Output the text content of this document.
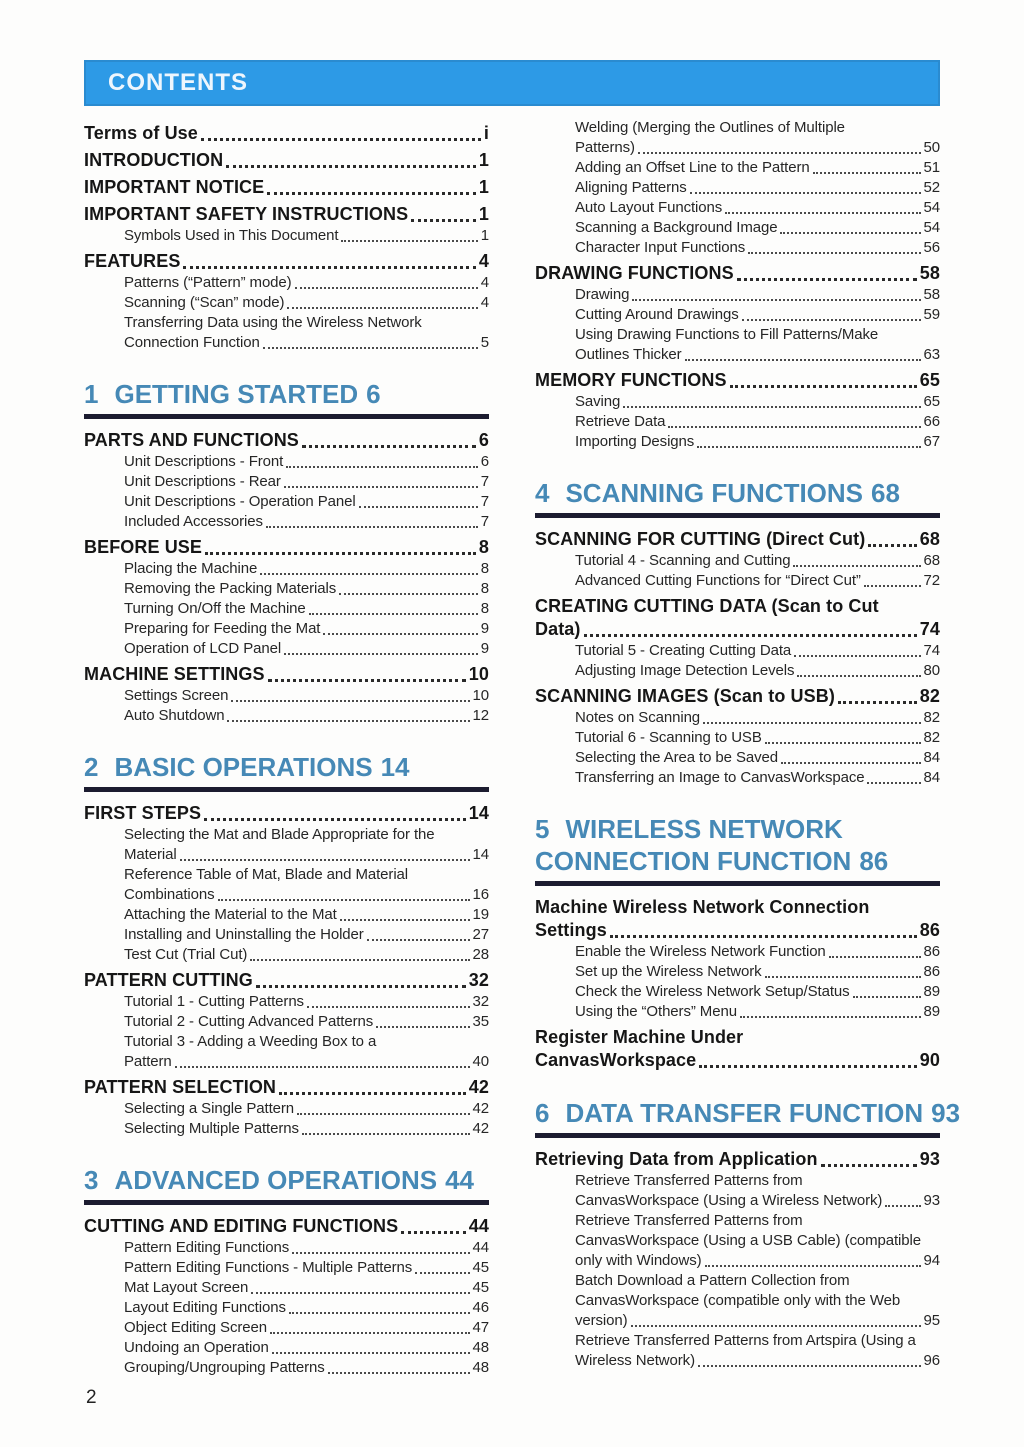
CONTENTS
Terms of Use	i
INTRODUCTION	1
IMPORTANT NOTICE	1
IMPORTANT SAFETY INSTRUCTIONS	1
Symbols Used in This Document	1
FEATURES	4
Patterns (“Pattern” mode)	4
Scanning (“Scan” mode)	4
Transferring Data using the Wireless Network
Connection Function	5
1 GETTING STARTED 6
PARTS AND FUNCTIONS	6
Unit Descriptions - Front	6
Unit Descriptions - Rear	7
Unit Descriptions - Operation Panel	7
Included Accessories	7
BEFORE USE	8
Placing the Machine	8
Removing the Packing Materials	8
Turning On/Off the Machine	8
Preparing for Feeding the Mat	9
Operation of LCD Panel	9
MACHINE SETTINGS	10
Settings Screen	10
Auto Shutdown	12
2 BASIC OPERATIONS 14
FIRST STEPS	14
Selecting the Mat and Blade Appropriate for the
Material	14
Reference Table of Mat, Blade and Material
Combinations	16
Attaching the Material to the Mat	19
Installing and Uninstalling the Holder	27
Test Cut (Trial Cut)	28
PATTERN CUTTING	32
Tutorial 1 - Cutting Patterns	32
Tutorial 2 - Cutting Advanced Patterns	35
Tutorial 3 - Adding a Weeding Box to a
Pattern	40
PATTERN SELECTION	42
Selecting a Single Pattern	42
Selecting Multiple Patterns	42
3 ADVANCED OPERATIONS 44
CUTTING AND EDITING FUNCTIONS	44
Pattern Editing Functions	44
Pattern Editing Functions - Multiple Patterns	45
Mat Layout Screen	45
Layout Editing Functions	46
Object Editing Screen	47
Undoing an Operation	48
Grouping/Ungrouping Patterns	48
Welding (Merging the Outlines of Multiple
Patterns)	50
Adding an Offset Line to the Pattern	51
Aligning Patterns	52
Auto Layout Functions	54
Scanning a Background Image	54
Character Input Functions	56
DRAWING FUNCTIONS	58
Drawing	58
Cutting Around Drawings	59
Using Drawing Functions to Fill Patterns/Make
Outlines Thicker	63
MEMORY FUNCTIONS	65
Saving	65
Retrieve Data	66
Importing Designs	67
4 SCANNING FUNCTIONS 68
SCANNING FOR CUTTING (Direct Cut)	68
Tutorial 4 - Scanning and Cutting	68
Advanced Cutting Functions for “Direct Cut”	72
CREATING CUTTING DATA (Scan to Cut
Data)	74
Tutorial 5 - Creating Cutting Data	74
Adjusting Image Detection Levels	80
SCANNING IMAGES (Scan to USB)	82
Notes on Scanning	82
Tutorial 6 - Scanning to USB	82
Selecting the Area to be Saved	84
Transferring an Image to CanvasWorkspace	84
5 WIRELESS NETWORK
CONNECTION FUNCTION 86
Machine Wireless Network Connection
Settings	86
Enable the Wireless Network Function	86
Set up the Wireless Network	86
Check the Wireless Network Setup/Status	89
Using the “Others” Menu	89
Register Machine Under
CanvasWorkspace	90
6 DATA TRANSFER FUNCTION 93
Retrieving Data from Application	93
Retrieve Transferred Patterns from
CanvasWorkspace (Using a Wireless Network)	93
Retrieve Transferred Patterns from
CanvasWorkspace (Using a USB Cable) (compatible
only with Windows)	94
Batch Download a Pattern Collection from
CanvasWorkspace (compatible only with the Web
version)	95
Retrieve Transferred Patterns from Artspira (Using a
Wireless Network)	96
2
